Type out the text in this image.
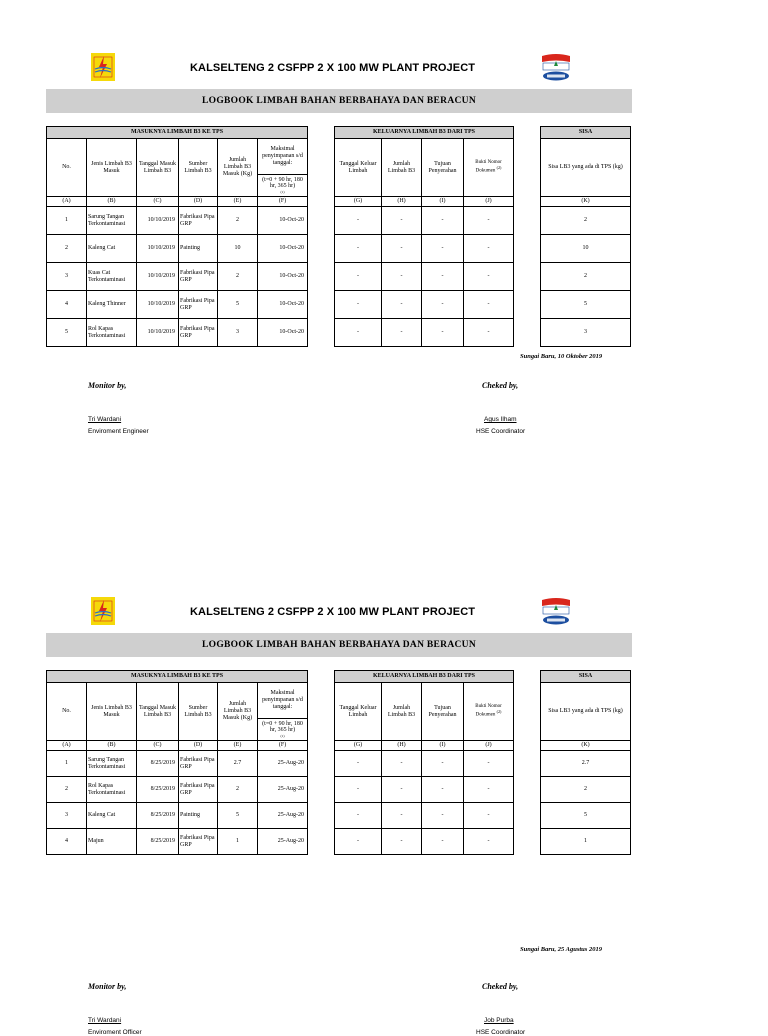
KALSELTENG 2 CSFPP 2 X 100 MW PLANT PROJECT
LOGBOOK LIMBAH BAHAN BERBAHAYA DAN BERACUN
MASUKNYA LIMBAH B3 KE TPS					
No.	Jenis Limbah B3 Masuk	Tanggal Masuk Limbah B3	Sumber Limbah B3	Jumlah Limbah B3 Masuk (Kg)	Maksimal penyimpanan s/d tanggal:
					(t=0 + 90 hr, 180 hr, 365 hr)
(1)

(A)	(B)	(C)	(D)	(E)	(F)
1	Sarung Tangan Terkontaminasi	10/10/2019	Fabrikasi Pipa GRP	2	10-Oct-20
2	Kaleng Cat	10/10/2019	Painting	10	10-Oct-20
3	Kuas Cat Terkontaminasi	10/10/2019	Fabrikasi Pipa GRP	2	10-Oct-20
4	Kaleng Thinner	10/10/2019	Fabrikasi Pipa GRP	5	10-Oct-20
5	Rol Kapas Terkontaminasi	10/10/2019	Fabrikasi Pipa GRP	3	10-Oct-20
KELUARNYA LIMBAH B3 DARI TPS			
Tanggal Keluar Limbah	Jumlah Limbah B3	Tujuan Penyerahan	Bukti Nomor Dokumen $^{(2)}$
(G)	(H)	(I)	(J)
-	-	-	-
-	-	-	-
-	-	-	-
-	-	-	-
-	-	-	-
SISA
Sisa LB3 yang ada di TPS (kg)
(K)
2
10
2
5
3
Sungai Baru, 10 Oktober 2019
Monitor by,	Cheked by,
Tri Wardani
Enviroment Engineer
Agus Ilham
HSE Coordinator
KALSELTENG 2 CSFPP 2 X 100 MW PLANT PROJECT
LOGBOOK LIMBAH BAHAN BERBAHAYA DAN BERACUN
MASUKNYA LIMBAH B3 KE TPS					
No.	Jenis Limbah B3 Masuk	Tanggal Masuk Limbah B3	Sumber Limbah B3	Jumlah Limbah B3 Masuk (Kg)	Maksimal penyimpanan s/d tanggal:
					(t=0 + 90 hr, 180 hr, 365 hr)
(1)

(A)	(B)	(C)	(D)	(E)	(F)
1	Sarung Tangan Terkontaminasi	8/25/2019	Fabrikasi Pipa GRP	2.7	25-Aug-20
2	Rol Kapas Terkontaminasi	8/25/2019	Fabrikasi Pipa GRP	2	25-Aug-20
3	Kaleng Cat	8/25/2019	Painting	5	25-Aug-20
4	Majun	8/25/2019	Fabrikasi Pipa GRP	1	25-Aug-20
KELUARNYA LIMBAH B3 DARI TPS			
Tanggal Keluar Limbah	Jumlah Limbah B3	Tujuan Penyerahan	Bukti Nomor Dokumen $^{(2)}$
(G)	(H)	(I)	(J)
-	-	-	-
-	-	-	-
-	-	-	-
-	-	-	-
SISA
Sisa LB3 yang ada di TPS (kg)
(K)
2.7
2
5
1
Sungai Baru, 25 Agustus 2019
Monitor by,	Cheked by,
Tri Wardani
Enviroment Officer
Job Purba
HSE Coordinator
